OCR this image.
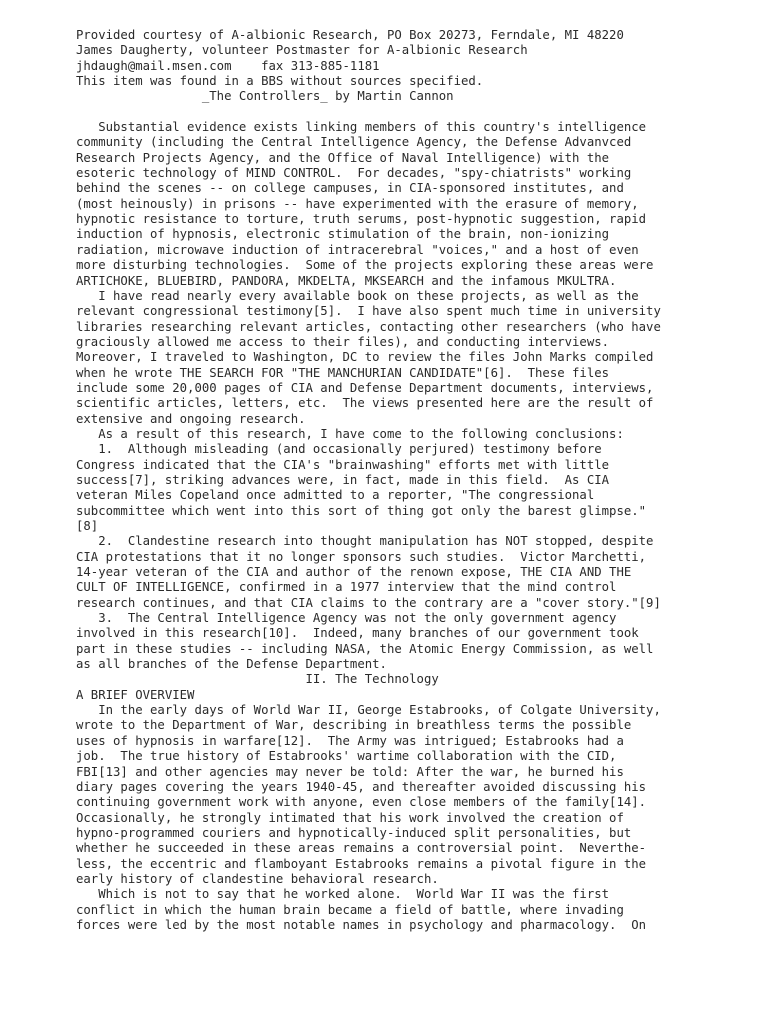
Provided courtesy of A-albionic Research, PO Box 20273, Ferndale, MI 48220
James Daugherty, volunteer Postmaster for A-albionic Research
jhdaugh@mail.msen.com    fax 313-885-1181
This item was found in a BBS without sources specified.
_The Controllers_ by Martin Cannon
Substantial evidence exists linking members of this country's intelligence
community (including the Central Intelligence Agency, the Defense Advanvced
Research Projects Agency, and the Office of Naval Intelligence) with the
esoteric technology of MIND CONTROL.  For decades, "spy-chiatrists" working
behind the scenes -- on college campuses, in CIA-sponsored institutes, and
(most heinously) in prisons -- have experimented with the erasure of memory,
hypnotic resistance to torture, truth serums, post-hypnotic suggestion, rapid
induction of hypnosis, electronic stimulation of the brain, non-ionizing
radiation, microwave induction of intracerebral "voices," and a host of even
more disturbing technologies.  Some of the projects exploring these areas were
ARTICHOKE, BLUEBIRD, PANDORA, MKDELTA, MKSEARCH and the infamous MKULTRA.
I have read nearly every available book on these projects, as well as the
relevant congressional testimony[5].  I have also spent much time in university
libraries researching relevant articles, contacting other researchers (who have
graciously allowed me access to their files), and conducting interviews.
Moreover, I traveled to Washington, DC to review the files John Marks compiled
when he wrote THE SEARCH FOR "THE MANCHURIAN CANDIDATE"[6].  These files
include some 20,000 pages of CIA and Defense Department documents, interviews,
scientific articles, letters, etc.  The views presented here are the result of
extensive and ongoing research.
As a result of this research, I have come to the following conclusions:
1.  Although misleading (and occasionally perjured) testimony before
Congress indicated that the CIA's "brainwashing" efforts met with little
success[7], striking advances were, in fact, made in this field.  As CIA
veteran Miles Copeland once admitted to a reporter, "The congressional
subcommittee which went into this sort of thing got only the barest glimpse."
[8]
2.  Clandestine research into thought manipulation has NOT stopped, despite
CIA protestations that it no longer sponsors such studies.  Victor Marchetti,
14-year veteran of the CIA and author of the renown expose, THE CIA AND THE
CULT OF INTELLIGENCE, confirmed in a 1977 interview that the mind control
research continues, and that CIA claims to the contrary are a "cover story."[9]
3.  The Central Intelligence Agency was not the only government agency
involved in this research[10].  Indeed, many branches of our government took
part in these studies -- including NASA, the Atomic Energy Commission, as well
as all branches of the Defense Department.
II. The Technology
A BRIEF OVERVIEW
In the early days of World War II, George Estabrooks, of Colgate University,
wrote to the Department of War, describing in breathless terms the possible
uses of hypnosis in warfare[12].  The Army was intrigued; Estabrooks had a
job.  The true history of Estabrooks' wartime collaboration with the CID,
FBI[13] and other agencies may never be told: After the war, he burned his
diary pages covering the years 1940-45, and thereafter avoided discussing his
continuing government work with anyone, even close members of the family[14].
Occasionally, he strongly intimated that his work involved the creation of
hypno-programmed couriers and hypnotically-induced split personalities, but
whether he succeeded in these areas remains a controversial point.  Neverthe-
less, the eccentric and flamboyant Estabrooks remains a pivotal figure in the
early history of clandestine behavioral research.
Which is not to say that he worked alone.  World War II was the first
conflict in which the human brain became a field of battle, where invading
forces were led by the most notable names in psychology and pharmacology.  On
